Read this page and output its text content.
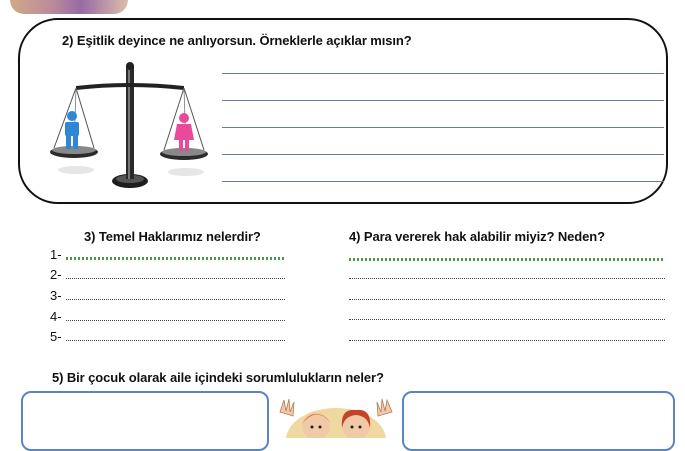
2) Eşitlik deyince ne anlıyorsun. Örneklerle açıklar mısın?
3) Temel Haklarımız nelerdir?
1-
2-
3-
4-
5-
4) Para vererek hak alabilir miyiz? Neden?
5) Bir çocuk olarak aile içindeki sorumlulukların neler?
